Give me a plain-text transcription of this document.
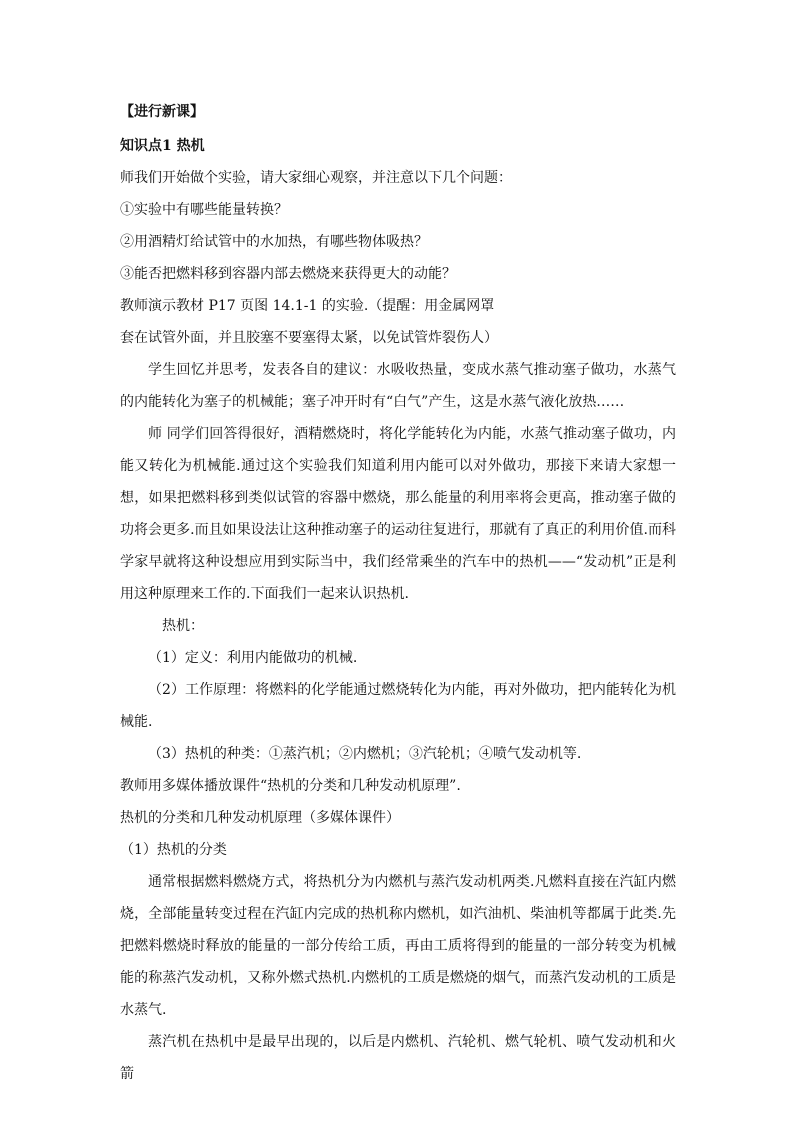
【进行新课】

知识点1 热机

师我们开始做个实验，请大家细心观察，并注意以下几个问题：

①实验中有哪些能量转换？

②用酒精灯给试管中的水加热，有哪些物体吸热？

③能否把燃料移到容器内部去燃烧来获得更大的动能？

教师演示教材 P17 页图 14.1-1 的实验.（提醒：用金属网罩

套在试管外面，并且胶塞不要塞得太紧，以免试管炸裂伤人）

学生回忆并思考，发表各自的建议：水吸收热量，变成水蒸气推动塞子做功，水蒸气的内能转化为塞子的机械能；塞子冲开时有“白气”产生，这是水蒸气液化放热……

师 同学们回答得很好，酒精燃烧时，将化学能转化为内能，水蒸气推动塞子做功，内能又转化为机械能.通过这个实验我们知道利用内能可以对外做功，那接下来请大家想一想，如果把燃料移到类似试管的容器中燃烧，那么能量的利用率将会更高，推动塞子做的功将会更多.而且如果设法让这种推动塞子的运动往复进行，那就有了真正的利用价值.而科学家早就将这种设想应用到实际当中，我们经常乘坐的汽车中的热机——“发动机”正是利用这种原理来工作的.下面我们一起来认识热机.

热机：

（1）定义：利用内能做功的机械.

（2）工作原理：将燃料的化学能通过燃烧转化为内能，再对外做功，把内能转化为机械能.

（3）热机的种类：①蒸汽机；②内燃机；③汽轮机；④喷气发动机等.

教师用多媒体播放课件“热机的分类和几种发动机原理”.

热机的分类和几种发动机原理（多媒体课件）

（1）热机的分类

通常根据燃料燃烧方式，将热机分为内燃机与蒸汽发动机两类.凡燃料直接在汽缸内燃烧，全部能量转变过程在汽缸内完成的热机称内燃机，如汽油机、柴油机等都属于此类.先把燃料燃烧时释放的能量的一部分传给工质，再由工质将得到的能量的一部分转变为机械能的称蒸汽发动机，又称外燃式热机.内燃机的工质是燃烧的烟气，而蒸汽发动机的工质是水蒸气.

蒸汽机在热机中是最早出现的，以后是内燃机、汽轮机、燃气轮机、喷气发动机和火箭
